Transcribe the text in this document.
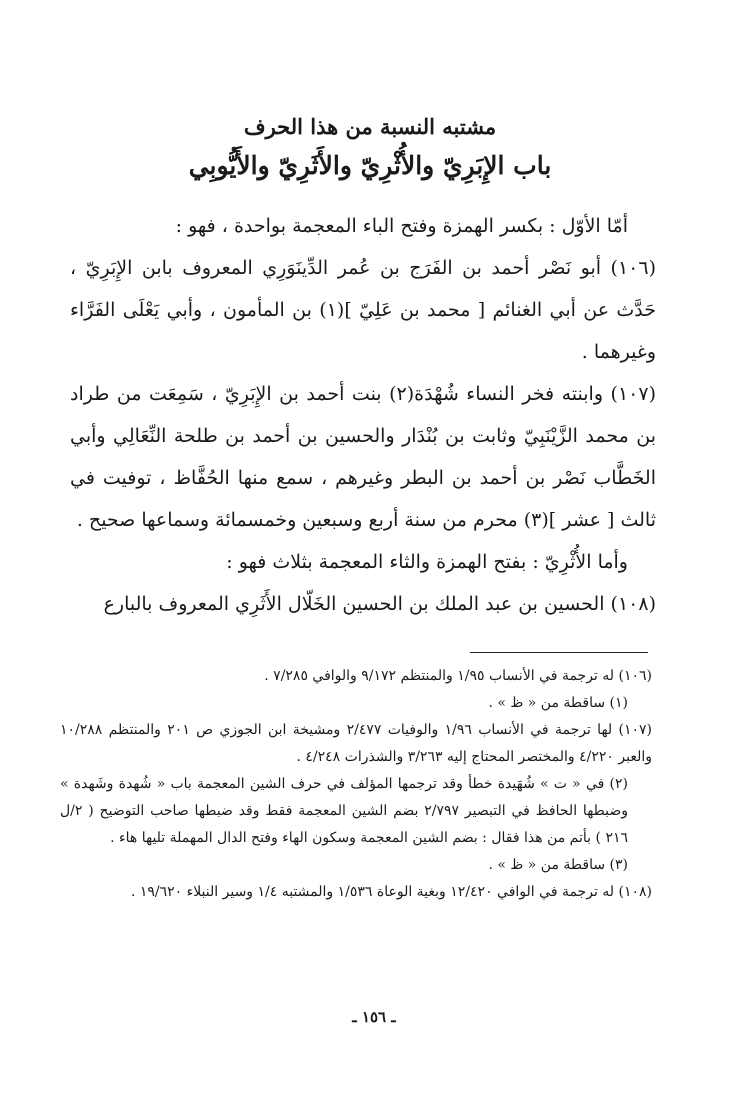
مشتبه النسبة من هذا الحرف
باب الإِبَرِيّ والأُثْرِيّ والأَثَرِيّ والأَيُّوبِي
أمّا الأوّل : بكسر الهمزة وفتح الباء المعجمة بواحدة ، فهو :
(١٠٦) أبو نَصْر أحمد بن الفَرَج بن عُمر الدِّينَوَرِي المعروف بابن الإِبَرِيّ ، حَدَّث عن أبي الغنائم [ محمد بن عَلِيّ ](١) بن المأمون ، وأبي يَعْلَى الفَرَّاء وغيرهما .
(١٠٧) وابنته فخر النساء شُهْدَة(٢) بنت أحمد بن الإِبَرِيّ ، سَمِعَت من طراد بن محمد الزَّيْنَبِيّ وثابت بن بُنْدَار والحسين بن أحمد بن طلحة النِّعَالِي وأبي الخَطَّاب نَصْر بن أحمد بن البطر وغيرهم ، سمع منها الحُفَّاظ ، توفيت في ثالث [ عشر ](٣) محرم من سنة أربع وسبعين وخمسمائة وسماعها صحيح .
وأما الأُثْرِيّ : بفتح الهمزة والثاء المعجمة بثلاث فهو :
(١٠٨) الحسين بن عبد الملك بن الحسين الخَلّال الأَثَرِي المعروف بالبارع

(١٠٦) له ترجمة في الأنساب ١/٩٥ والمنتظم ٩/١٧٢ والوافي ٧/٢٨٥ .

(١) ساقطة من « ظ » .

(١٠٧) لها ترجمة في الأنساب ١/٩٦ والوفيات ٢/٤٧٧ ومشيخة ابن الجوزي ص ٢٠١ والمنتظم ١٠/٢٨٨ والعبر ٤/٢٢٠ والمختصر المحتاج إليه ٣/٢٦٣ والشذرات ٤/٢٤٨ .

(٢) في « ت » شُهَيدة خطأ وقد ترجمها المؤلف في حرف الشين المعجمة باب « شُهدة وشَهدة » وضبطها الحافظ في التبصير ٢/٧٩٧ بضم الشين المعجمة فقط وقد ضبطها صاحب التوضيح ( ٢/ل ٢١٦ ) بأتم من هذا فقال : بضم الشين المعجمة وسكون الهاء وفتح الدال المهملة تليها هاء .

(٣) ساقطة من « ظ » .

(١٠٨) له ترجمة في الوافي ١٢/٤٢٠ وبغية الوعاة ١/٥٣٦ والمشتبه ١/٤ وسير النبلاء ١٩/٦٢٠ .

ـ ١٥٦ ـ
